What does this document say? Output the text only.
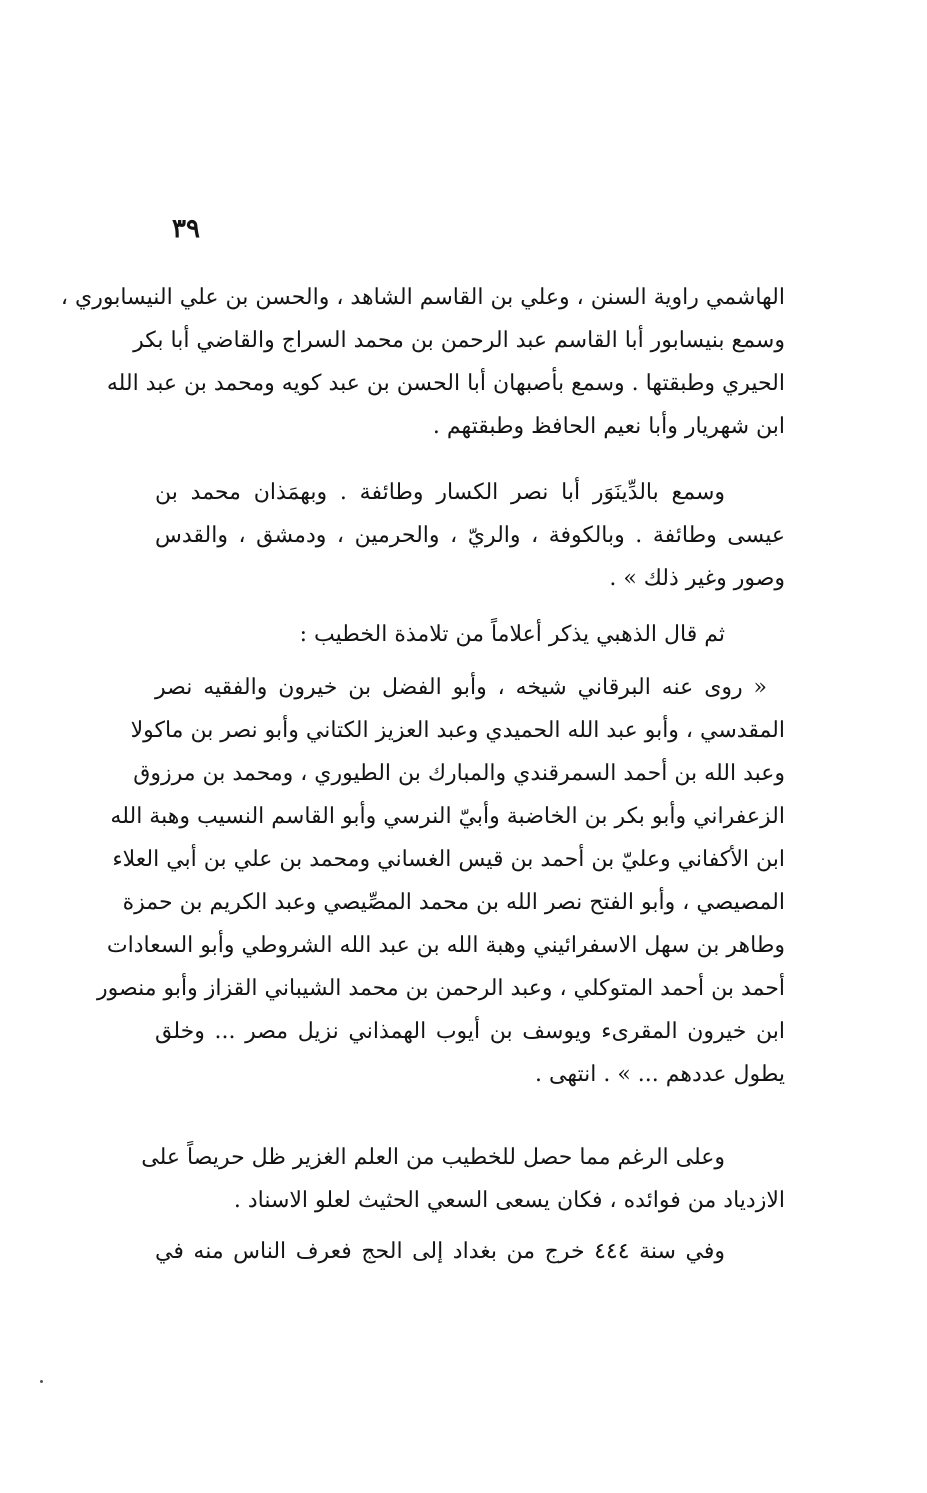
٣٩
الهاشمي راوية السنن ، وعلي بن القاسم الشاهد ، والحسن بن علي النيسابوري ،
وسمع بنيسابور أبا القاسم عبد الرحمن بن محمد السراج والقاضي أبا بكر
الحيري وطبقتها . وسمع بأصبهان أبا الحسن بن عبد كويه ومحمد بن عبد الله
ابن شهريار وأبا نعيم الحافظ وطبقتهم .
وسمع بالدِّينَوَر أبا نصر الكسار وطائفة . وبهمَذان محمد بن
عيسى وطائفة . وبالكوفة ، والريّ ، والحرمين ، ودمشق ، والقدس
وصور وغير ذلك » .
ثم قال الذهبي يذكر أعلاماً من تلامذة الخطيب :
« روى عنه البرقاني شيخه ، وأبو الفضل بن خيرون والفقيه نصر
المقدسي ، وأبو عبد الله الحميدي وعبد العزيز الكتاني وأبو نصر بن ماكولا
وعبد الله بن أحمد السمرقندي والمبارك بن الطيوري ، ومحمد بن مرزوق
الزعفراني وأبو بكر بن الخاضبة وأبيّ النرسي وأبو القاسم النسيب وهبة الله
ابن الأكفاني وعليّ بن أحمد بن قيس الغساني ومحمد بن علي بن أبي العلاء
المصيصي ، وأبو الفتح نصر الله بن محمد المصِّيصي وعبد الكريم بن حمزة
وطاهر بن سهل الاسفرائيني وهبة الله بن عبد الله الشروطي وأبو السعادات
أحمد بن أحمد المتوكلي ، وعبد الرحمن بن محمد الشيباني القزاز وأبو منصور
ابن خيرون المقرىء ويوسف بن أيوب الهمذاني نزيل مصر ... وخلق
يطول عددهم ... » . انتهى .
وعلى الرغم مما حصل للخطيب من العلم الغزير ظل حريصاً على
الازدياد من فوائده ، فكان يسعى السعي الحثيث لعلو الاسناد .
وفي سنة ٤٤٤ خرج من بغداد إلى الحج فعرف الناس منه في
